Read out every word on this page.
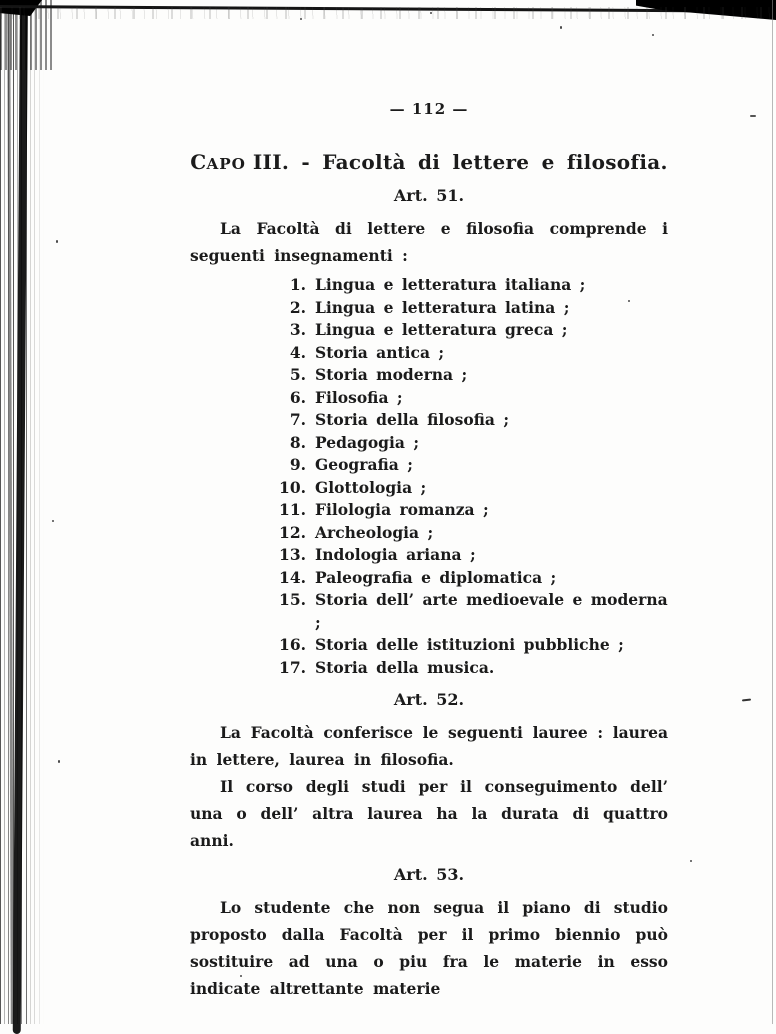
— 112 —
CAPO III. - Facoltà di lettere e filosofia.
Art. 51.

La Facoltà di lettere e filosofia comprende i seguenti insegnamenti :

1. Lingua e letteratura italiana ;
2. Lingua e letteratura latina ;
3. Lingua e letteratura greca ;
4. Storia antica ;
5. Storia moderna ;
6. Filosofia ;
7. Storia della filosofia ;
8. Pedagogia ;
9. Geografia ;
10. Glottologia ;
11. Filologia romanza ;
12. Archeologia ;
13. Indologia ariana ;
14. Paleografia e diplomatica ;
15. Storia dell’ arte medioevale e moderna ;
16. Storia delle istituzioni pubbliche ;
17. Storia della musica.
Art. 52.

La Facoltà conferisce le seguenti lauree : laurea in lettere, laurea in filosofia.

Il corso degli studi per il conseguimento dell’ una o dell’ altra laurea ha la durata di quattro anni.

Art. 53.

Lo studente che non segua il piano di studio proposto dalla Facoltà per il primo biennio può sostituire ad una o piu fra le materie in esso indicate altrettante materie
